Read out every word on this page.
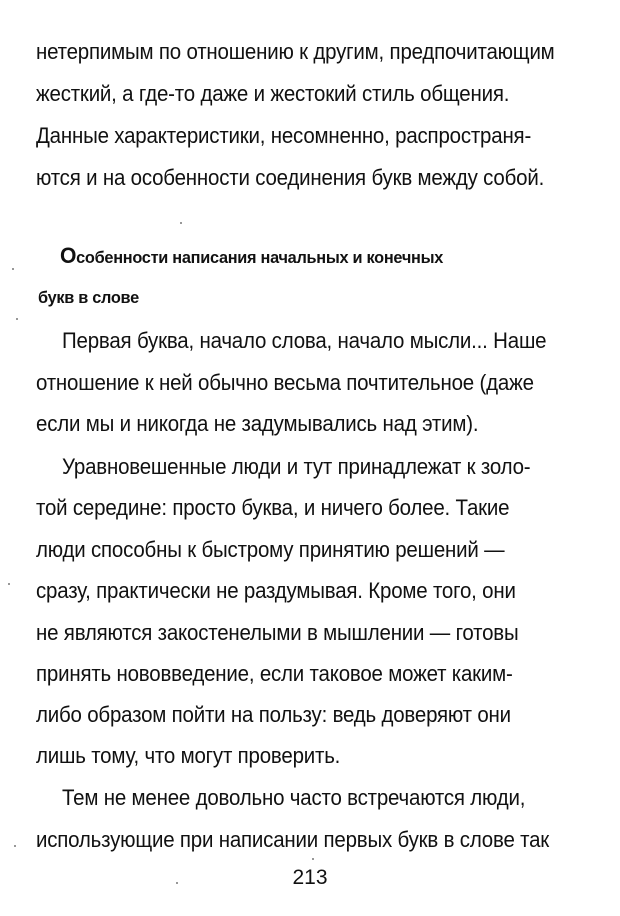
нетерпимым по отношению к другим, предпочитающим
жесткий, а где-то даже и жестокий стиль общения.
Данные характеристики, несомненно, распространя-
ются и на особенности соединения букв между собой.
Особенности написания начальных и конечных
букв в слове
Первая буква, начало слова, начало мысли... Наше
отношение к ней обычно весьма почтительное (даже
если мы и никогда не задумывались над этим).
Уравновешенные люди и тут принадлежат к золо-
той середине: просто буква, и ничего более. Такие
люди способны к быстрому принятию решений —
сразу, практически не раздумывая. Кроме того, они
не являются закостенелыми в мышлении — готовы
принять нововведение, если таковое может каким-
либо образом пойти на пользу: ведь доверяют они
лишь тому, что могут проверить.
Тем не менее довольно часто встречаются люди,
использующие при написании первых букв в слове так
213
